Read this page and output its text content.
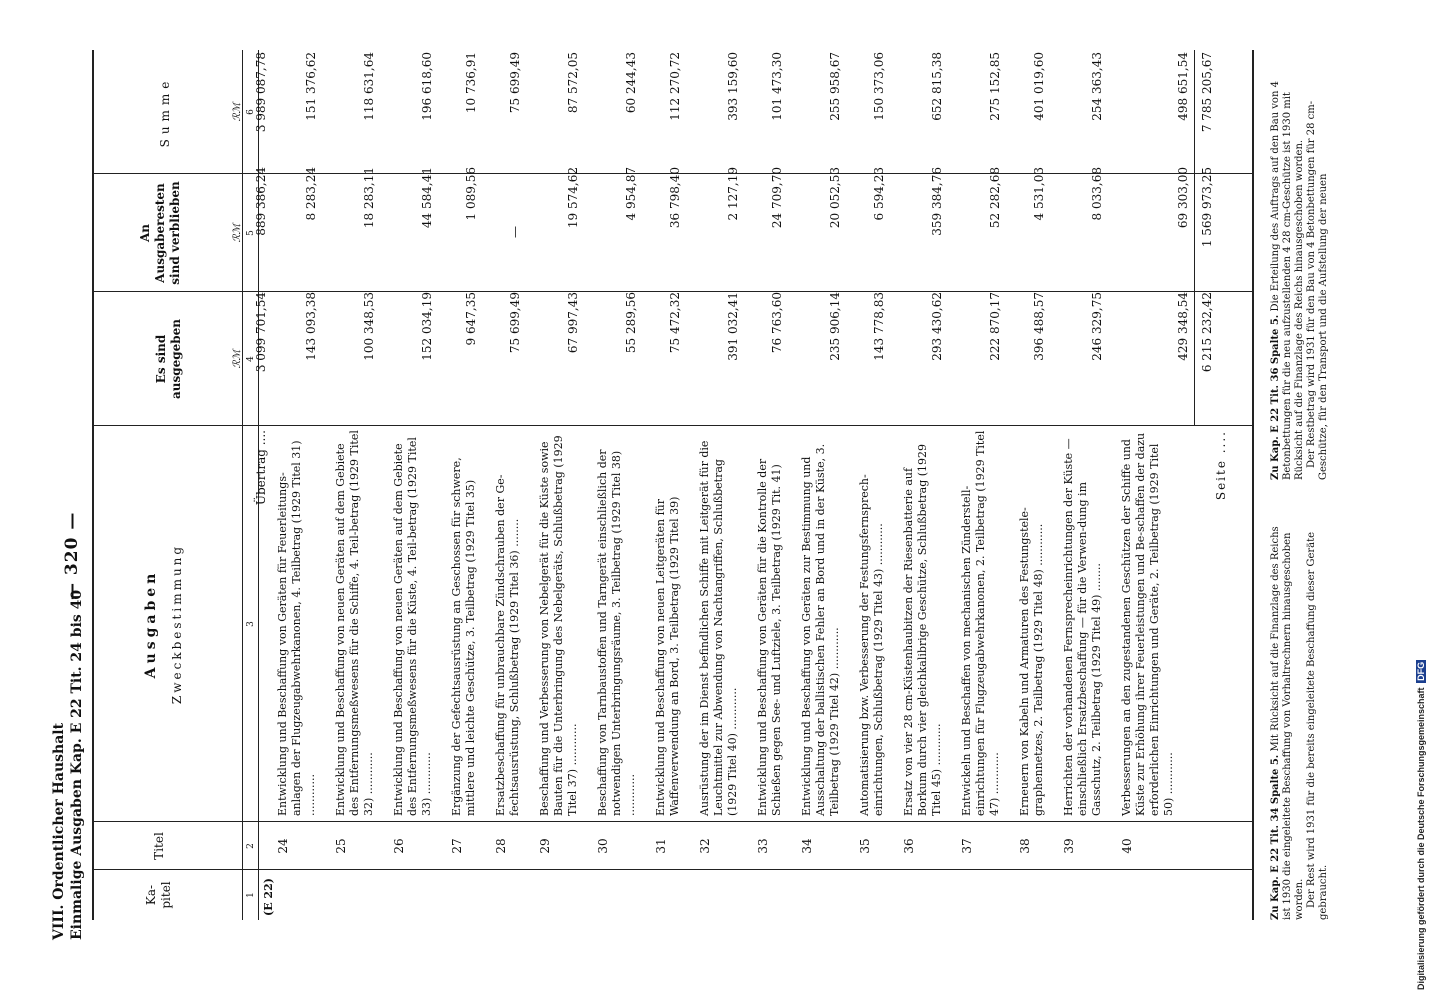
VIII. Ordentlicher Haushalt Einmalige Ausgaben Kap. E 22 Tit. 24 bis 40
— 320 —
Ka-
pitel
Titel
Ausgaben Zweckbestimmung
Es sind
ausgegeben
An
Ausgaberesten
sind verblieben
Summe
ℛℳ
ℛℳ
ℛℳ
1
2
3
4
5
6
(E 22)
Übertrag ....
3 099 701,54
889 386,24
3 989 087,78
24
Entwicklung und Beschaffung von Geräten für Feuerleitungs-anlagen der Flugzeugabwehrkanonen, 4. Teilbetrag (1929 Titel 31) ............
143 093,38
8 283,24
151 376,62
25
Entwicklung und Beschaffung von neuen Geräten auf dem Gebiete des Entfernungsmeßwesens für die Schiffe, 4. Teil-betrag (1929 Titel 32) ............
100 348,53
18 283,11
118 631,64
26
Entwicklung und Beschaffung von neuen Geräten auf dem Gebiete des Entfernungsmeßwesens für die Küste, 4. Teil-betrag (1929 Titel 33) ............
152 034,19
44 584,41
196 618,60
27
Ergänzung der Gefechtsausrüstung an Geschossen für schwere, mittlere und leichte Geschütze, 3. Teilbetrag (1929 Titel 35)
9 647,35
1 089,56
10 736,91
28
Ersatzbeschaffung für unbrauchbare Zündschrauben der Ge-fechtsausrüstung, Schlußbetrag (1929 Titel 36) ........
75 699,49
—
75 699,49
29
Beschaffung und Verbesserung von Nebelgerät für die Küste sowie Bauten für die Unterbringung des Nebelgeräts, Schlußbetrag (1929 Titel 37) ............
67 997,43
19 574,62
87 572,05
30
Beschaffung von Tarnbaustoffen und Tarngerät einschließlich der notwendigen Unterbringungsräume, 3. Teilbetrag (1929 Titel 38) ............
55 289,56
4 954,87
60 244,43
31
Entwicklung und Beschaffung von neuen Leitgeräten für Waffenverwendung an Bord, 3. Teilbetrag (1929 Titel 39)
75 472,32
36 798,40
112 270,72
32
Ausrüstung der im Dienst befindlichen Schiffe mit Leitgerät für die Leuchtmittel zur Abwendung von Nachtangriffen, Schlußbetrag (1929 Titel 40) ............
391 032,41
2 127,19
393 159,60
33
Entwicklung und Beschaffung von Geräten für die Kontrolle der Schießen gegen See- und Luftziele, 3. Teilbetrag (1929 Tit. 41)
76 763,60
24 709,70
101 473,30
34
Entwicklung und Beschaffung von Geräten zur Bestimmung und Ausschaltung der ballistischen Fehler an Bord und in der Küste, 3. Teilbetrag (1929 Titel 42) ............
235 906,14
20 052,53
255 958,67
35
Automatisierung bzw. Verbesserung der Festungsfernsprech-einrichtungen, Schlußbetrag (1929 Titel 43) ............
143 778,83
6 594,23
150 373,06
36
Ersatz von vier 28 cm-Küstenhaubitzen der Riesenbatterie auf Borkum durch vier gleichkalibrige Geschütze, Schlußbetrag (1929 Titel 45) ............
293 430,62
359 384,76
652 815,38
37
Entwickeln und Beschaffen von mechanischen Zünderstell-einrichtungen für Flugzeugabwehrkanonen, 2. Teilbetrag (1929 Titel 47) ............
222 870,17
52 282,68
275 152,85
38
Erneuern von Kabeln und Armaturen des Festungstele-graphennetzes, 2. Teilbetrag (1929 Titel 48) ............
396 488,57
4 531,03
401 019,60
39
Herrichten der vorhandenen Fernsprecheinrichtungen der Küste — einschließlich Ersatzbeschaffung — für die Verwen-dung im Gasschutz, 2. Teilbetrag (1929 Titel 49) ........
246 329,75
8 033,68
254 363,43
40
Verbesserungen an den zugestandenen Geschützen der Schiffe und Küste zur Erhöhung ihrer Feuerleistungen und Be-schaffen der dazu erforderlichen Einrichtungen und Geräte, 2. Teilbetrag (1929 Titel 50) ............
429 348,54
69 303,00
498 651,54
Seite ....
6 215 232,42
1 569 973,25
7 785 205,67
Zu Kap. E 22 Tit. 34 Spalte 5. Mit Rücksicht auf die Finanzlage des Reichs ist 1930 die eingeleitete Beschaffung von Vorhaltrechnern hinausgeschoben worden. Der Rest wird 1931 für die bereits eingeleitete Beschaffung dieser Geräte gebraucht.
Zu Kap. E 22 Tit. 36 Spalte 5. Die Erteilung des Auftrags auf den Bau von 4 Betonbettungen für die neu aufzustellenden 4 28 cm-Geschütze ist 1930 mit Rücksicht auf die Finanzlage des Reichs hinausgeschoben worden. Der Restbetrag wird 1931 für den Bau von 4 Betonbettungen für 28 cm-Geschütze, für den Transport und die Aufstellung der neuen
Digitalisierung gefördert durch die Deutsche Forschungsgemeinschaft DFG
